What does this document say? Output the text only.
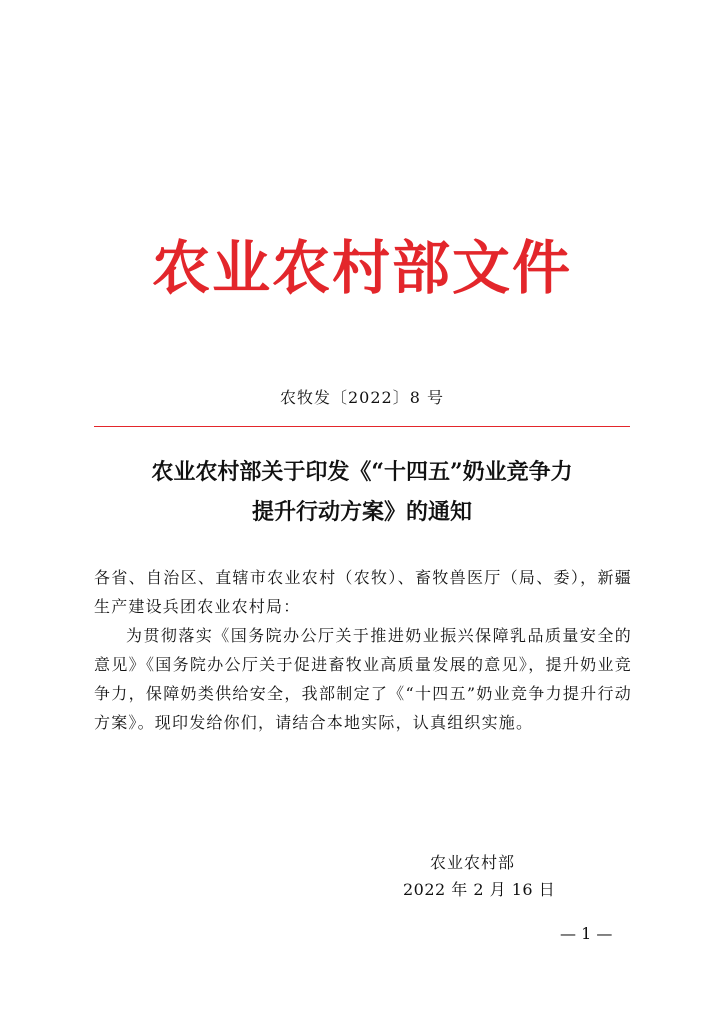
农业农村部文件
农牧发〔2022〕8 号
农业农村部关于印发《“十四五”奶业竞争力
提升行动方案》的通知

各省、自治区、直辖市农业农村（农牧）、畜牧兽医厅（局、委），新疆生产建设兵团农业农村局：

为贯彻落实《国务院办公厅关于推进奶业振兴保障乳品质量安全的意见》《国务院办公厅关于促进畜牧业高质量发展的意见》，提升奶业竞争力，保障奶类供给安全，我部制定了《“十四五”奶业竞争力提升行动方案》。现印发给你们，请结合本地实际，认真组织实施。

农业农村部
2022 年 2 月 16 日
— 1 —
